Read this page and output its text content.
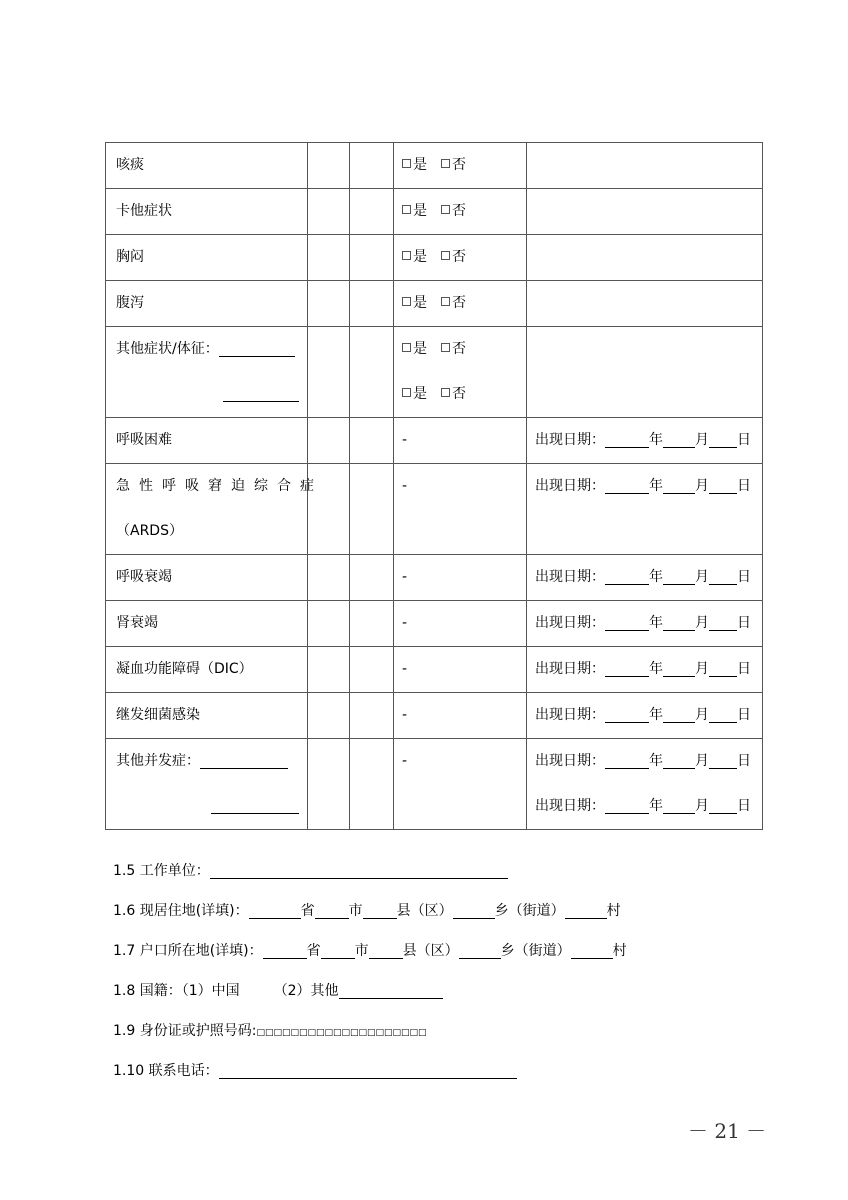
咳痰			是 否	

卡他症状			是 否	

胸闷			是 否	

腹泻			是 否	

其他症状/体征：			是 否
是 否	

呼吸困难			-	出现日期： 年 月 日

急性呼吸窘迫综合症
（ARDS）			-	出现日期： 年 月 日

呼吸衰竭			-	出现日期： 年 月 日

肾衰竭			-	出现日期： 年 月 日

凝血功能障碍（DIC）			-	出现日期： 年 月 日

继发细菌感染			-	出现日期： 年 月 日

其他并发症：			-	出现日期： 年 月 日
出现日期： 年 月 日
1.5 工作单位：
1.6 现居住地(详填)：	省 市 县（区）	乡（街道）	村
1.7 户口所在地(详填)：	省 市 县（区）	乡（街道）	村
1.8 国籍：（1）中国 （2）其他
1.9 身份证或护照号码:□□□□□□□□□□□□□□□□□□□□
1.10 联系电话：
－ 21 －
